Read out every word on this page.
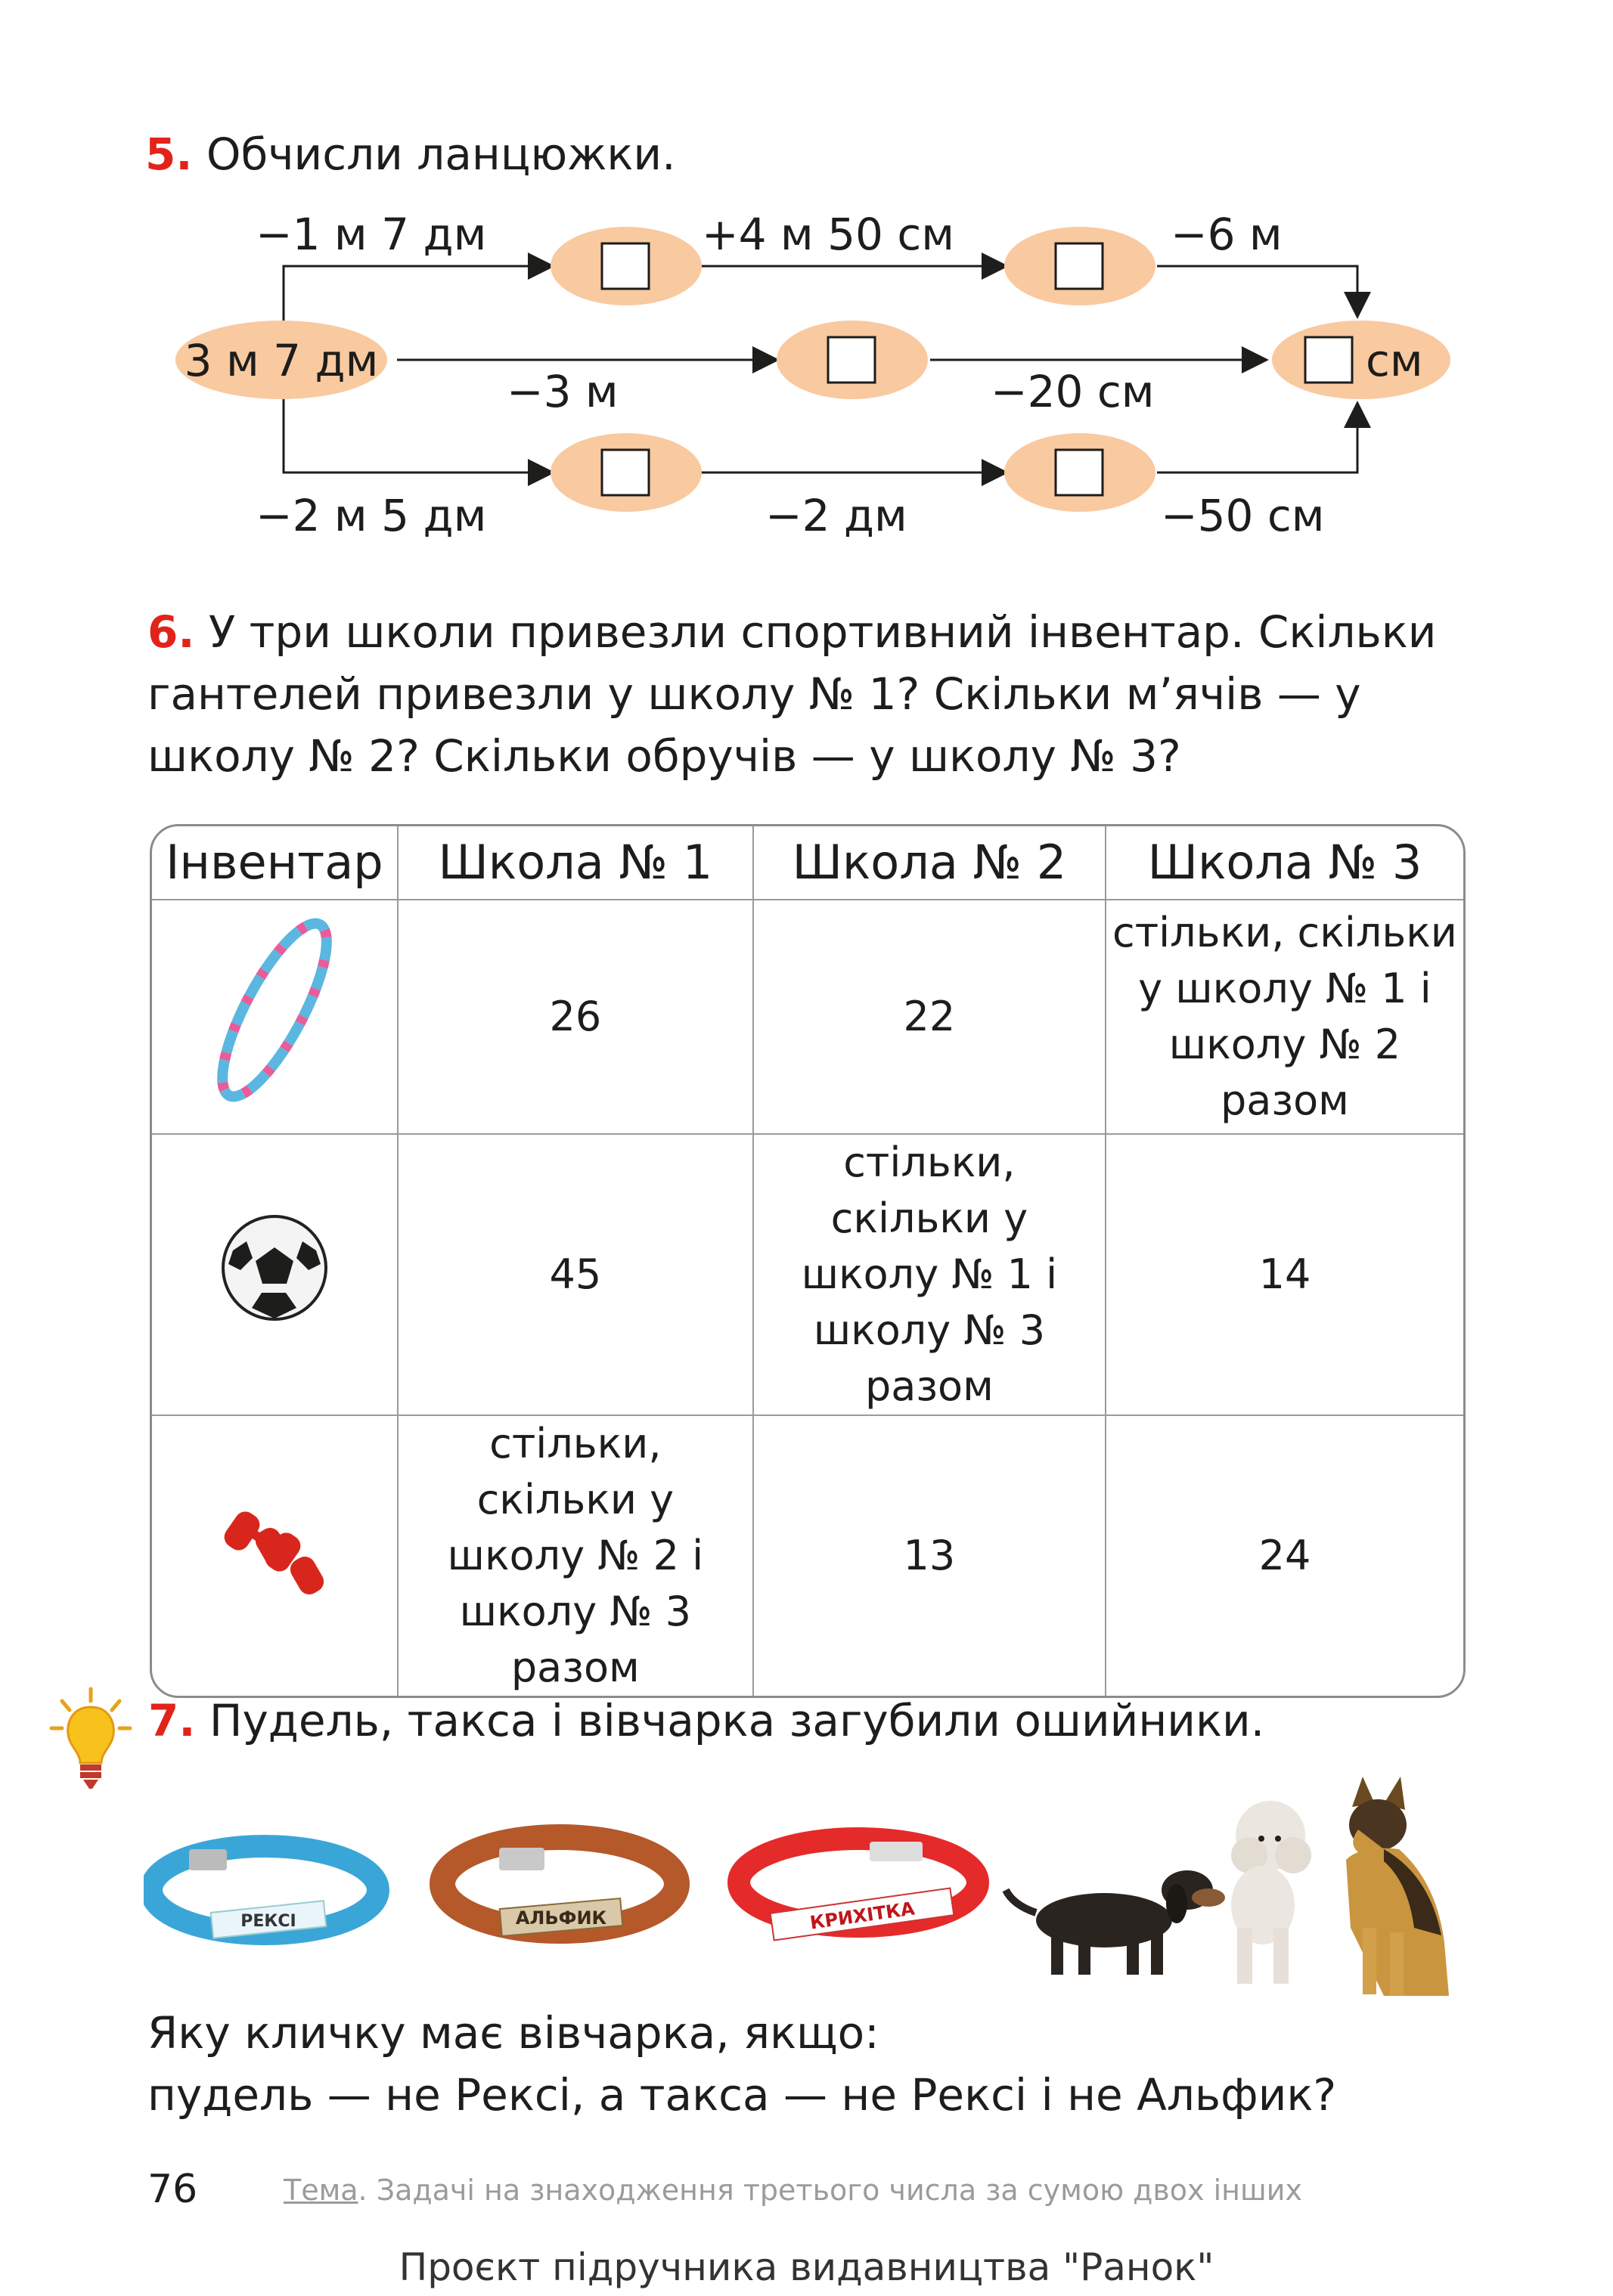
5. Обчисли ланцюжки.
3 м 7 дм	см
−1 м 7 дм	+4 м 50 см	−6 м
−3 м	−20 см
−2 м 5 дм	−2 дм	−50 см
6. У три школи привезли спортивний інвентар. Скільки гантелей привезли у школу № 1? Скільки м’ячів — у школу № 2? Скільки обручів — у школу № 3?
Інвентар	Школа № 1	Школа № 2	Школа № 3
	26	22	стільки, скільки у школу № 1 і школу № 2 разом
	45	стільки, скільки у школу № 1 і школу № 3 разом	14
	стільки, скільки у школу № 2 і школу № 3 разом	13	24
7. Пудель, такса і вівчарка загубили ошийники.
РЕКСІ	АЛЬФИК	КРИХІТКА
Яку кличку має вівчарка, якщо:
пудель — не Рексі, а такса — не Рексі і не Альфик?
76	Тема. Задачі на знаходження третього числа за сумою двох інших
Проєкт підручника видавництва "Ранок"
